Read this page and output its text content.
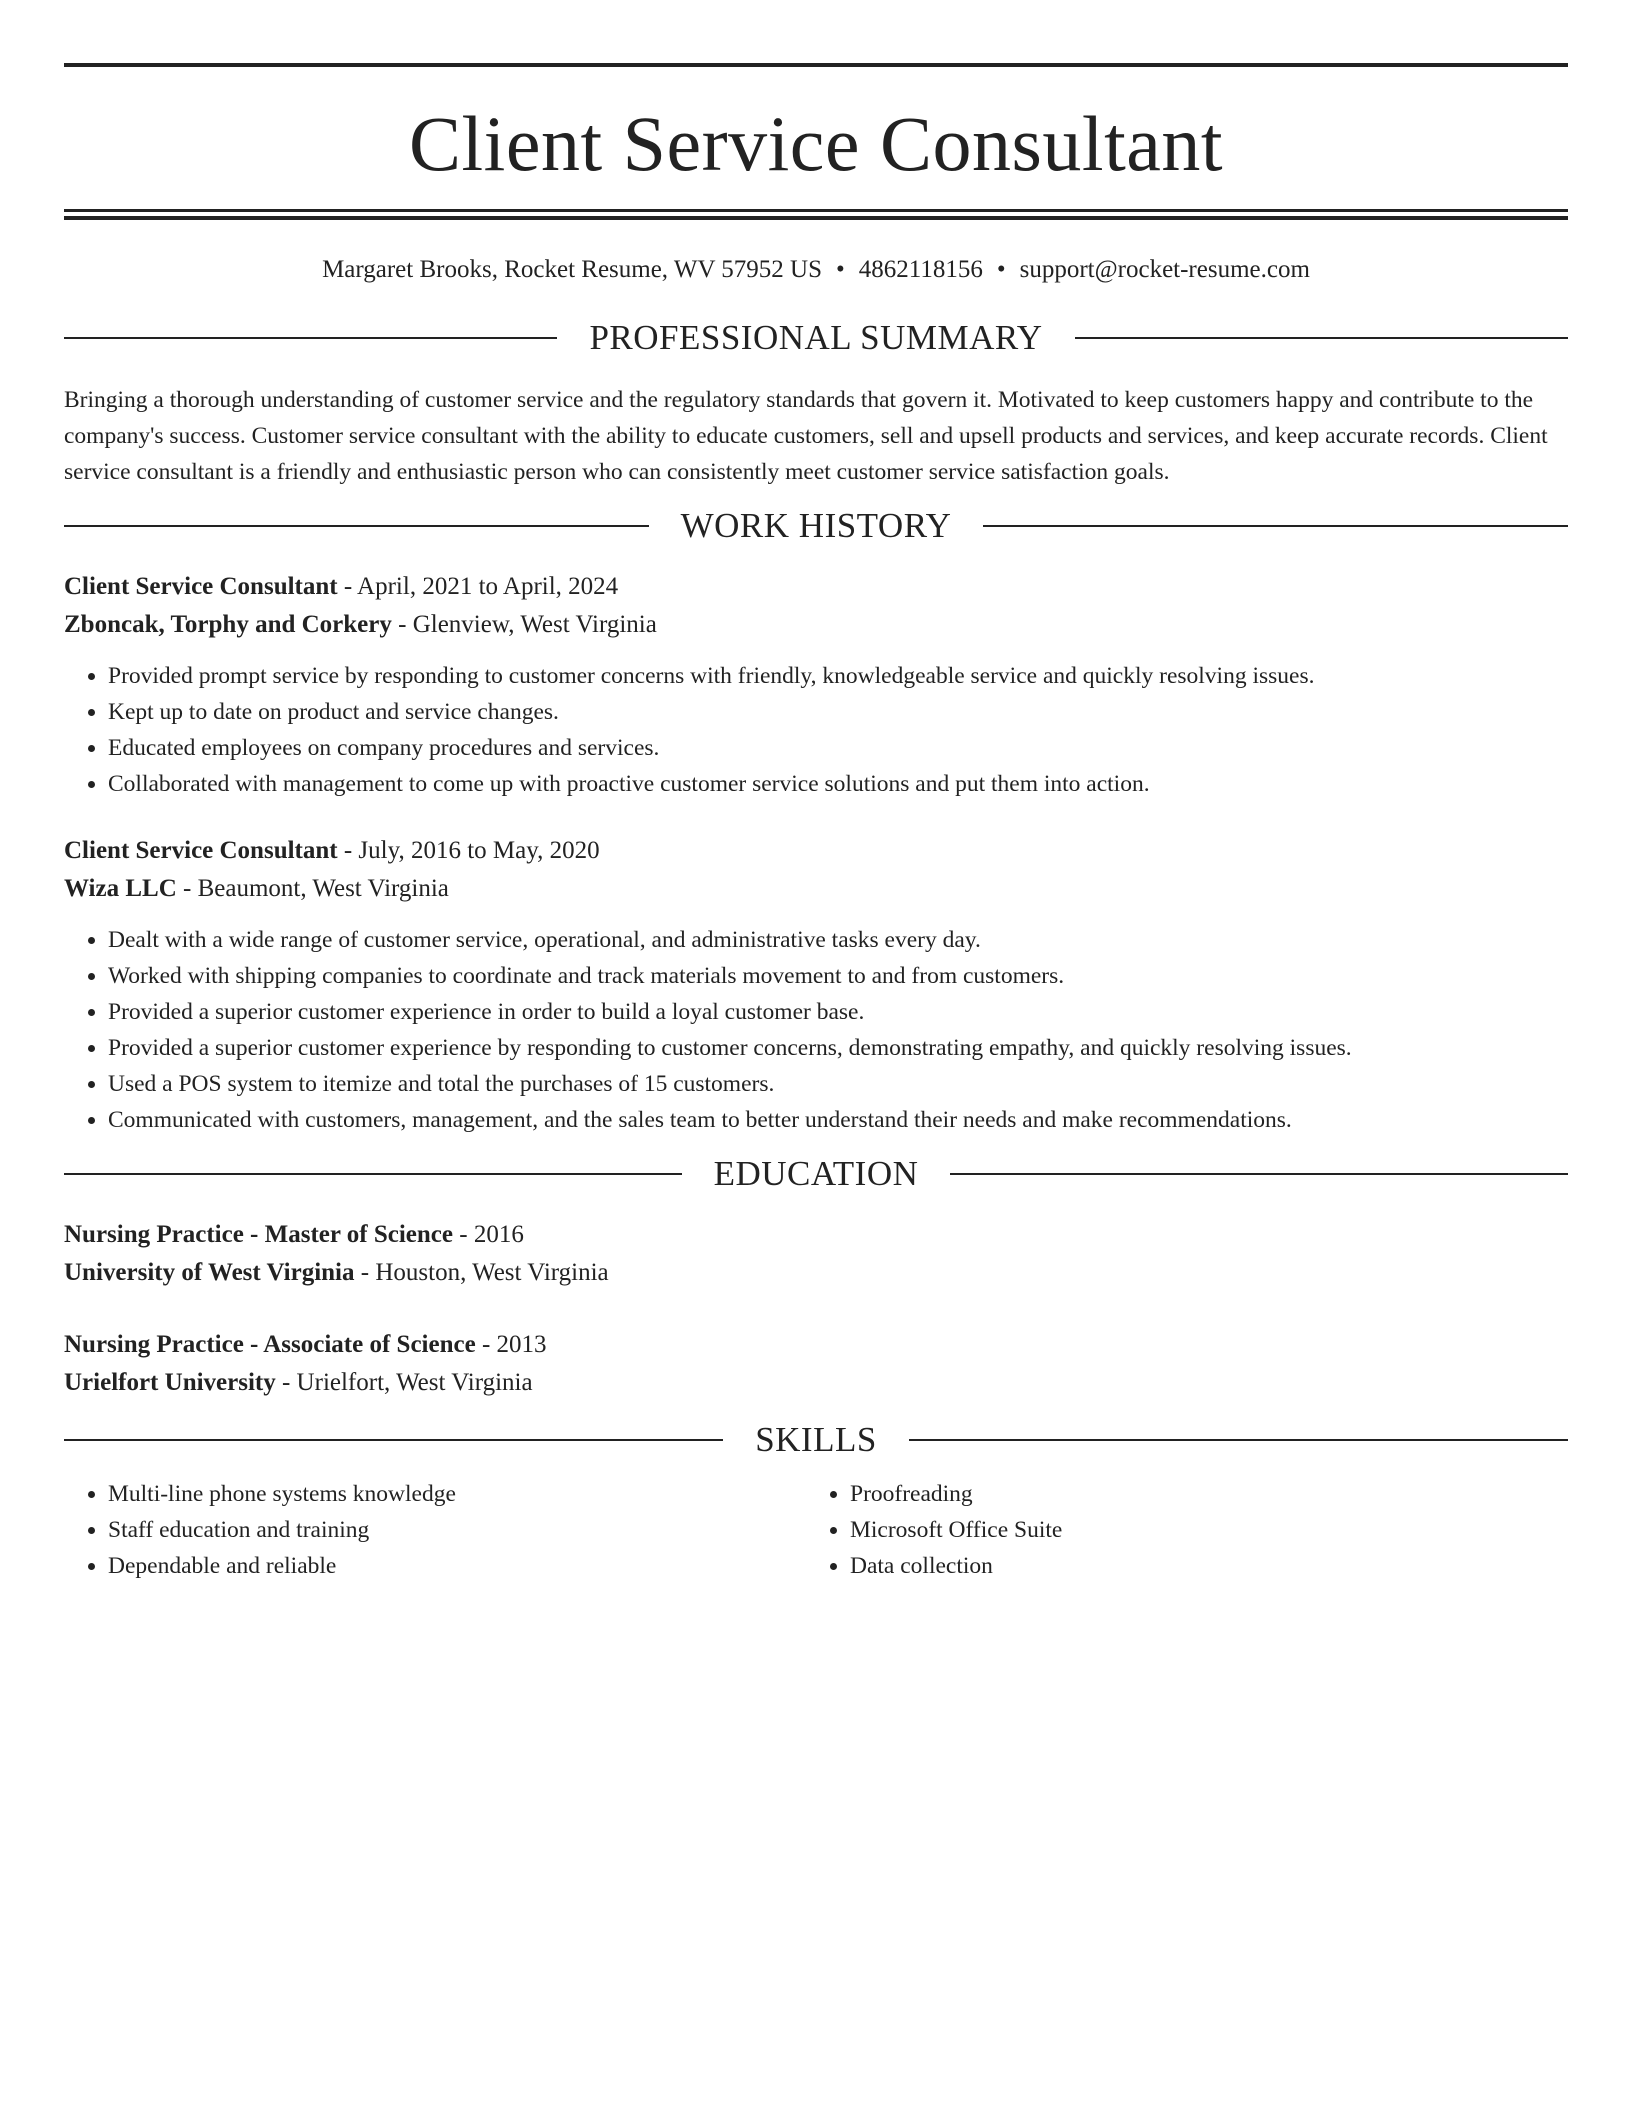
Client Service Consultant
Margaret Brooks, Rocket Resume, WV 57952 US • 4862118156 • support@rocket-resume.com
PROFESSIONAL SUMMARY
Bringing a thorough understanding of customer service and the regulatory standards that govern it. Motivated to keep customers happy and contribute to the company's success. Customer service consultant with the ability to educate customers, sell and upsell products and services, and keep accurate records. Client service consultant is a friendly and enthusiastic person who can consistently meet customer service satisfaction goals.
WORK HISTORY
Client Service Consultant - April, 2021 to April, 2024
Zboncak, Torphy and Corkery - Glenview, West Virginia
• Provided prompt service by responding to customer concerns with friendly, knowledgeable service and quickly resolving issues.
• Kept up to date on product and service changes.
• Educated employees on company procedures and services.
• Collaborated with management to come up with proactive customer service solutions and put them into action.
Client Service Consultant - July, 2016 to May, 2020
Wiza LLC - Beaumont, West Virginia
• Dealt with a wide range of customer service, operational, and administrative tasks every day.
• Worked with shipping companies to coordinate and track materials movement to and from customers.
• Provided a superior customer experience in order to build a loyal customer base.
• Provided a superior customer experience by responding to customer concerns, demonstrating empathy, and quickly resolving issues.
• Used a POS system to itemize and total the purchases of 15 customers.
• Communicated with customers, management, and the sales team to better understand their needs and make recommendations.
EDUCATION
Nursing Practice - Master of Science - 2016
University of West Virginia - Houston, West Virginia
Nursing Practice - Associate of Science - 2013
Urielfort University - Urielfort, West Virginia
SKILLS
• Multi-line phone systems knowledge
• Staff education and training
• Dependable and reliable
• Proofreading
• Microsoft Office Suite
• Data collection
